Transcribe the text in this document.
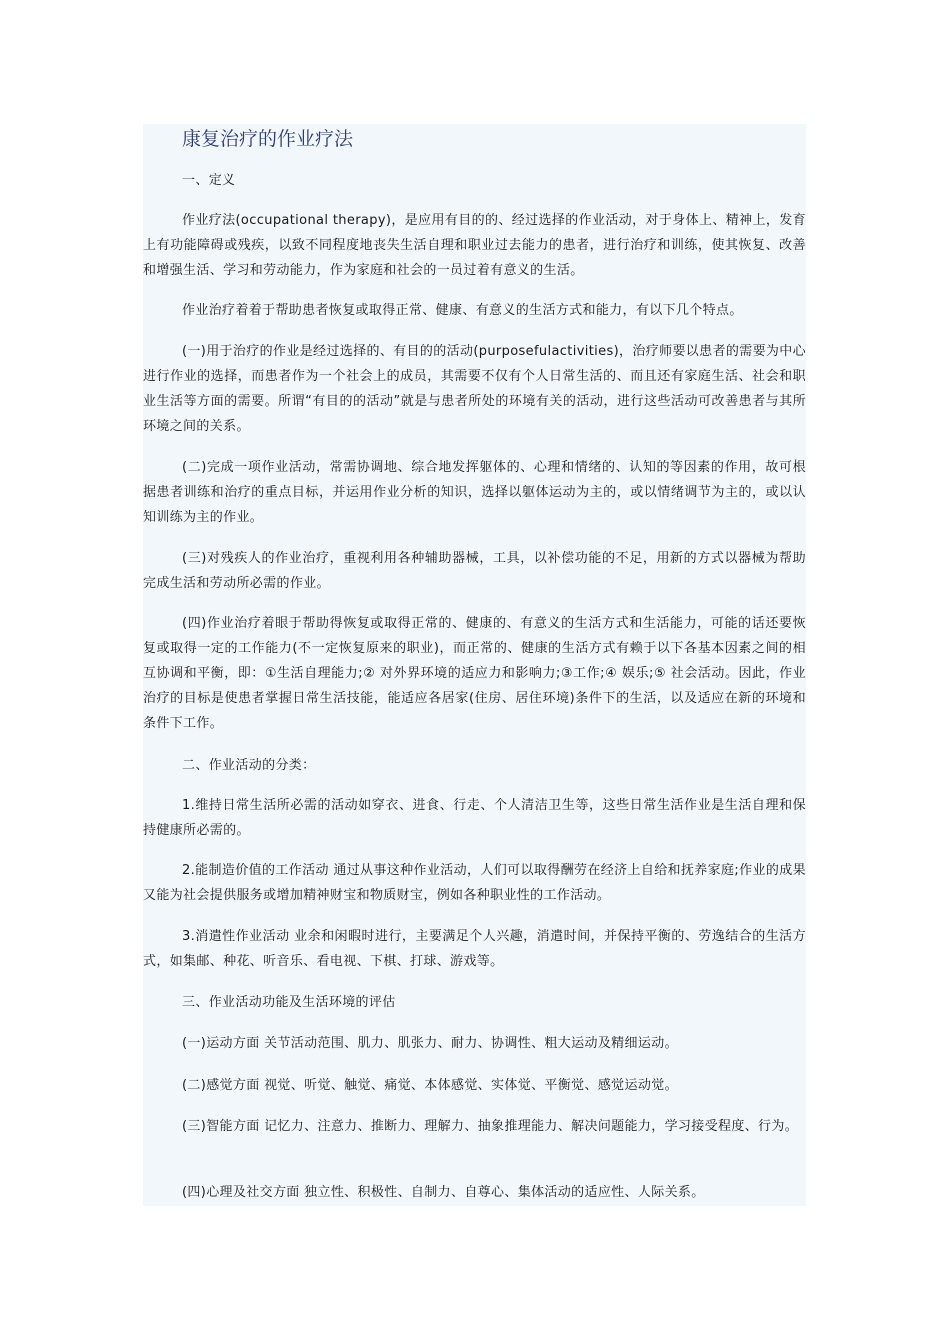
康复治疗的作业疗法

一、定义

作业疗法(occupational therapy)，是应用有目的的、经过选择的作业活动，对于身体上、精神上，发育上有功能障碍或残疾，以致不同程度地丧失生活自理和职业过去能力的患者，进行治疗和训练，使其恢复、改善和增强生活、学习和劳动能力，作为家庭和社会的一员过着有意义的生活。

作业治疗着着于帮助患者恢复或取得正常、健康、有意义的生活方式和能力，有以下几个特点。

(一)用于治疗的作业是经过选择的、有目的的活动(purposefulactivities)，治疗师要以患者的需要为中心进行作业的选择，而患者作为一个社会上的成员，其需要不仅有个人日常生活的、而且还有家庭生活、社会和职业生活等方面的需要。所谓“有目的的活动”就是与患者所处的环境有关的活动，进行这些活动可改善患者与其所环境之间的关系。

(二)完成一项作业活动，常需协调地、综合地发挥躯体的、心理和情绪的、认知的等因素的作用，故可根据患者训练和治疗的重点目标，并运用作业分析的知识，选择以躯体运动为主的，或以情绪调节为主的，或以认知训练为主的作业。

(三)对残疾人的作业治疗，重视利用各种辅助器械，工具，以补偿功能的不足，用新的方式以器械为帮助完成生活和劳动所必需的作业。

(四)作业治疗着眼于帮助得恢复或取得正常的、健康的、有意义的生活方式和生活能力，可能的话还要恢复或取得一定的工作能力(不一定恢复原来的职业)，而正常的、健康的生活方式有赖于以下各基本因素之间的相互协调和平衡，即：①生活自理能力;② 对外界环境的适应力和影响力;③工作;④ 娱乐;⑤ 社会活动。因此，作业治疗的目标是使患者掌握日常生活技能，能适应各居家(住房、居住环境)条件下的生活，以及适应在新的环境和条件下工作。

二、作业活动的分类：

1.维持日常生活所必需的活动如穿衣、进食、行走、个人清洁卫生等，这些日常生活作业是生活自理和保持健康所必需的。

2.能制造价值的工作活动 通过从事这种作业活动，人们可以取得酬劳在经济上自给和抚养家庭;作业的成果又能为社会提供服务或增加精神财宝和物质财宝，例如各种职业性的工作活动。

3.消遣性作业活动 业余和闲暇时进行，主要满足个人兴趣，消遣时间，并保持平衡的、劳逸结合的生活方式，如集邮、种花、听音乐、看电视、下棋、打球、游戏等。

三、作业活动功能及生活环境的评估

(一)运动方面 关节活动范围、肌力、肌张力、耐力、协调性、粗大运动及精细运动。

(二)感觉方面 视觉、听觉、触觉、痛觉、本体感觉、实体觉、平衡觉、感觉运动觉。

(三)智能方面 记忆力、注意力、推断力、理解力、抽象推理能力、解决问题能力，学习接受程度、行为。

(四)心理及社交方面 独立性、积极性、自制力、自尊心、集体活动的适应性、人际关系。
